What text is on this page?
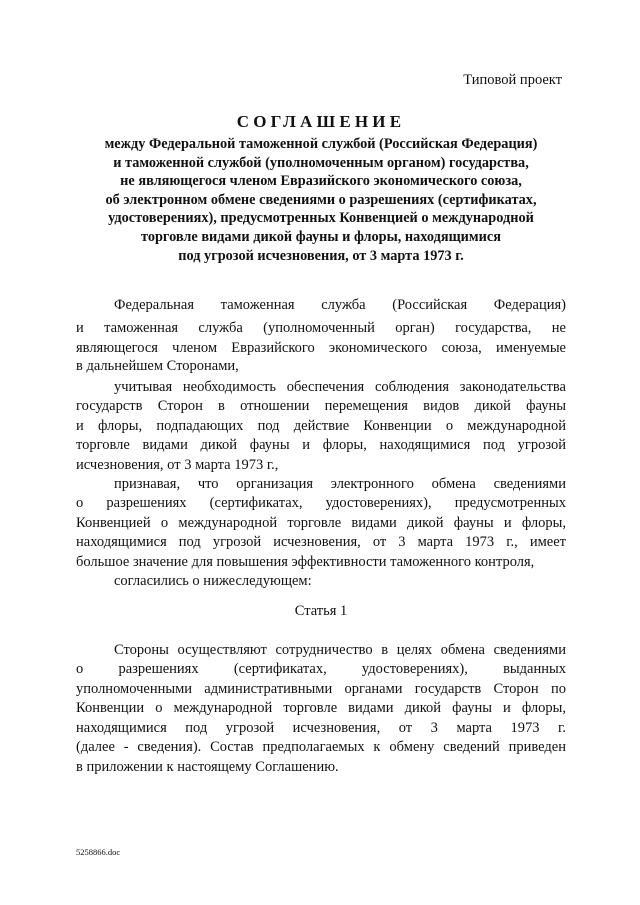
Типовой проект
СОГЛАШЕНИЕ
между Федеральной таможенной службой (Российская Федерация)
и таможенной службой (уполномоченным органом) государства,
не являющегося членом Евразийского экономического союза,
об электронном обмене сведениями о разрешениях (сертификатах,
удостоверениях), предусмотренных Конвенцией о международной
торговле видами дикой фауны и флоры, находящимися
под угрозой исчезновения, от 3 марта 1973 г.
Федеральная таможенная служба (Российская Федерация)
и таможенная служба (уполномоченный орган) государства, не
являющегося членом Евразийского экономического союза, именуемые
в дальнейшем Сторонами,
учитывая необходимость обеспечения соблюдения законодательства
государств Сторон в отношении перемещения видов дикой фауны
и флоры, подпадающих под действие Конвенции о международной
торговле видами дикой фауны и флоры, находящимися под угрозой
исчезновения, от 3 марта 1973 г.,
признавая, что организация электронного обмена сведениями
о разрешениях (сертификатах, удостоверениях), предусмотренных
Конвенцией о международной торговле видами дикой фауны и флоры,
находящимися под угрозой исчезновения, от 3 марта 1973 г., имеет
большое значение для повышения эффективности таможенного контроля,
согласились о нижеследующем:
Статья 1
Стороны осуществляют сотрудничество в целях обмена сведениями
о разрешениях (сертификатах, удостоверениях), выданных
уполномоченными административными органами государств Сторон по
Конвенции о международной торговле видами дикой фауны и флоры,
находящимися под угрозой исчезновения, от 3 марта 1973 г.
(далее - сведения). Состав предполагаемых к обмену сведений приведен
в приложении к настоящему Соглашению.
5258866.doc
